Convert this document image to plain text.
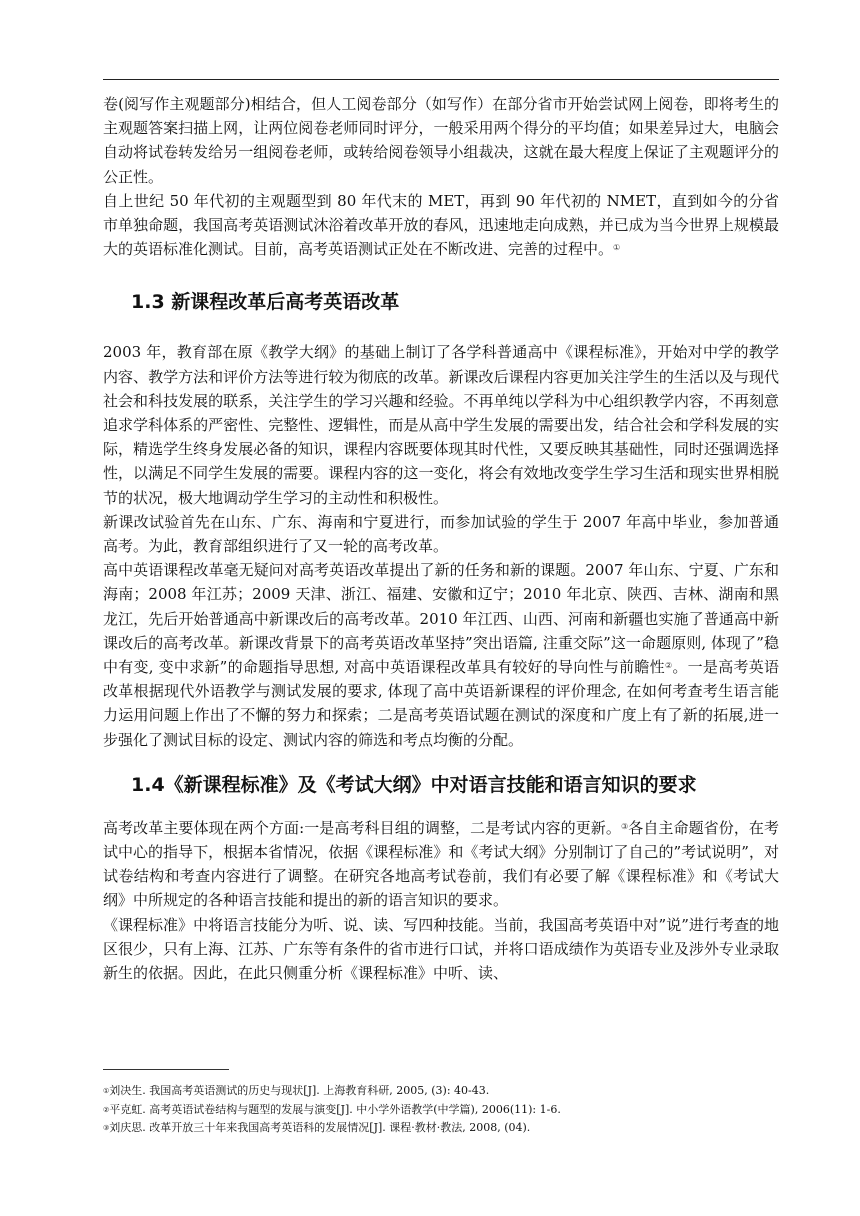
卷(阅写作主观题部分)相结合，但人工阅卷部分（如写作）在部分省市开始尝试网上阅卷，即将考生的主观题答案扫描上网，让两位阅卷老师同时评分，一般采用两个得分的平均值；如果差异过大，电脑会自动将试卷转发给另一组阅卷老师，或转给阅卷领导小组裁决，这就在最大程度上保证了主观题评分的公正性。

自上世纪 50 年代初的主观题型到 80 年代末的 MET，再到 90 年代初的 NMET，直到如今的分省市单独命题，我国高考英语测试沐浴着改革开放的春风，迅速地走向成熟，并已成为当今世界上规模最大的英语标准化测试。目前，高考英语测试正处在不断改进、完善的过程中。①

1.3 新课程改革后高考英语改革

2003 年，教育部在原《教学大纲》的基础上制订了各学科普通高中《课程标准》，开始对中学的教学内容、教学方法和评价方法等进行较为彻底的改革。新课改后课程内容更加关注学生的生活以及与现代社会和科技发展的联系，关注学生的学习兴趣和经验。不再单纯以学科为中心组织教学内容，不再刻意追求学科体系的严密性、完整性、逻辑性，而是从高中学生发展的需要出发，结合社会和学科发展的实际，精选学生终身发展必备的知识，课程内容既要体现其时代性，又要反映其基础性，同时还强调选择性，以满足不同学生发展的需要。课程内容的这一变化，将会有效地改变学生学习生活和现实世界相脱节的状况，极大地调动学生学习的主动性和积极性。

新课改试验首先在山东、广东、海南和宁夏进行，而参加试验的学生于 2007 年高中毕业，参加普通高考。为此，教育部组织进行了又一轮的高考改革。

高中英语课程改革毫无疑问对高考英语改革提出了新的任务和新的课题。2007 年山东、宁夏、广东和海南；2008 年江苏；2009 天津、浙江、福建、安徽和辽宁；2010 年北京、陕西、吉林、湖南和黑龙江，先后开始普通高中新课改后的高考改革。2010 年江西、山西、河南和新疆也实施了普通高中新课改后的高考改革。新课改背景下的高考英语改革坚持”突出语篇, 注重交际”这一命题原则, 体现了”稳中有变, 变中求新”的命题指导思想, 对高中英语课程改革具有较好的导向性与前瞻性②。一是高考英语改革根据现代外语教学与测试发展的要求, 体现了高中英语新课程的评价理念, 在如何考查考生语言能力运用问题上作出了不懈的努力和探索；二是高考英语试题在测试的深度和广度上有了新的拓展,进一步强化了测试目标的设定、测试内容的筛选和考点均衡的分配。

1.4《新课程标准》及《考试大纲》中对语言技能和语言知识的要求

高考改革主要体现在两个方面:一是高考科目组的调整，二是考试内容的更新。③各自主命题省份，在考试中心的指导下，根据本省情况，依据《课程标准》和《考试大纲》分别制订了自己的”考试说明”，对试卷结构和考查内容进行了调整。在研究各地高考试卷前，我们有必要了解《课程标准》和《考试大纲》中所规定的各种语言技能和提出的新的语言知识的要求。

《课程标准》中将语言技能分为听、说、读、写四种技能。当前，我国高考英语中对”说”进行考查的地区很少，只有上海、江苏、广东等有条件的省市进行口试，并将口语成绩作为英语专业及涉外专业录取新生的依据。因此，在此只侧重分析《课程标准》中听、读、

①刘决生. 我国高考英语测试的历史与现状[J]. 上海教育科研, 2005, (3): 40-43.

②平克虹. 高考英语试卷结构与题型的发展与演变[J]. 中小学外语教学(中学篇), 2006(11): 1-6.

③刘庆思. 改革开放三十年来我国高考英语科的发展情况[J]. 课程·教材·教法, 2008, (04).
